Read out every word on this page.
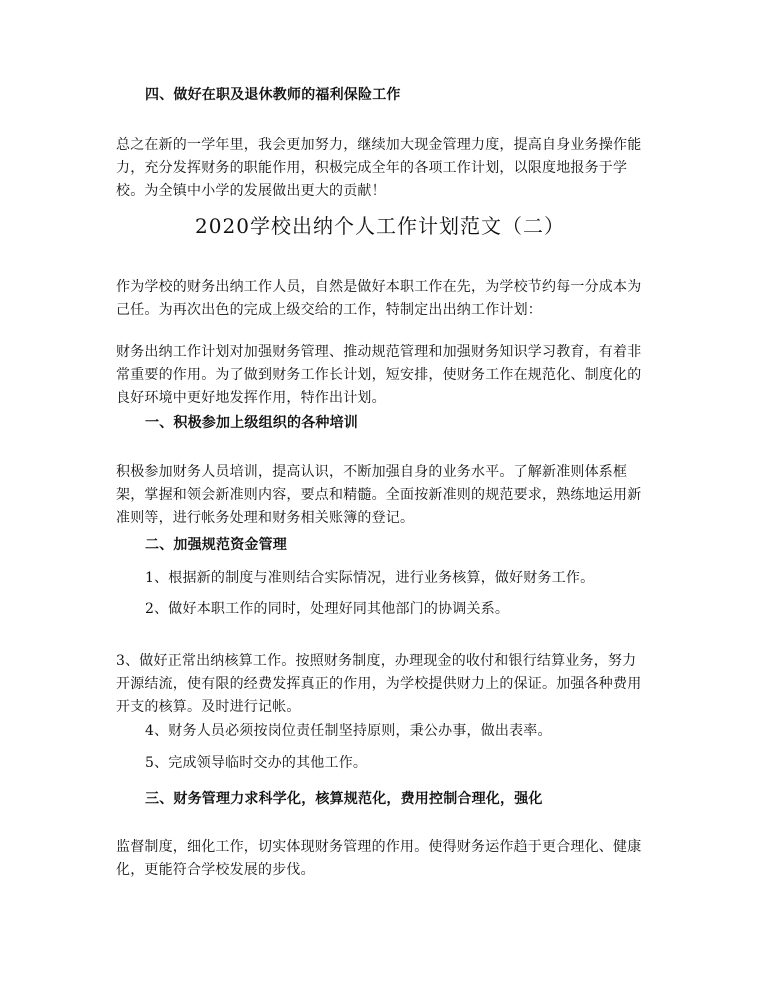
四、做好在职及退休教师的福利保险工作

总之在新的一学年里，我会更加努力，继续加大现金管理力度，提高自身业务操作能力，充分发挥财务的职能作用，积极完成全年的各项工作计划，以限度地报务于学校。为全镇中小学的发展做出更大的贡献！

2020学校出纳个人工作计划范文（二）

作为学校的财务出纳工作人员，自然是做好本职工作在先，为学校节约每一分成本为己任。为再次出色的完成上级交给的工作，特制定出出纳工作计划：

财务出纳工作计划对加强财务管理、推动规范管理和加强财务知识学习教育，有着非常重要的作用。为了做到财务工作长计划，短安排，使财务工作在规范化、制度化的良好环境中更好地发挥作用，特作出计划。

一、积极参加上级组织的各种培训

积极参加财务人员培训，提高认识，不断加强自身的业务水平。了解新准则体系框架，掌握和领会新准则内容，要点和精髓。全面按新准则的规范要求，熟练地运用新准则等，进行帐务处理和财务相关账簿的登记。

二、加强规范资金管理

1、根据新的制度与准则结合实际情况，进行业务核算，做好财务工作。

2、做好本职工作的同时，处理好同其他部门的协调关系。

3、做好正常出纳核算工作。按照财务制度，办理现金的收付和银行结算业务，努力开源结流，使有限的经费发挥真正的作用，为学校提供财力上的保证。加强各种费用开支的核算。及时进行记帐。

4、财务人员必须按岗位责任制坚持原则，秉公办事，做出表率。

5、完成领导临时交办的其他工作。

三、财务管理力求科学化，核算规范化，费用控制合理化，强化

监督制度，细化工作，切实体现财务管理的作用。使得财务运作趋于更合理化、健康化，更能符合学校发展的步伐。
